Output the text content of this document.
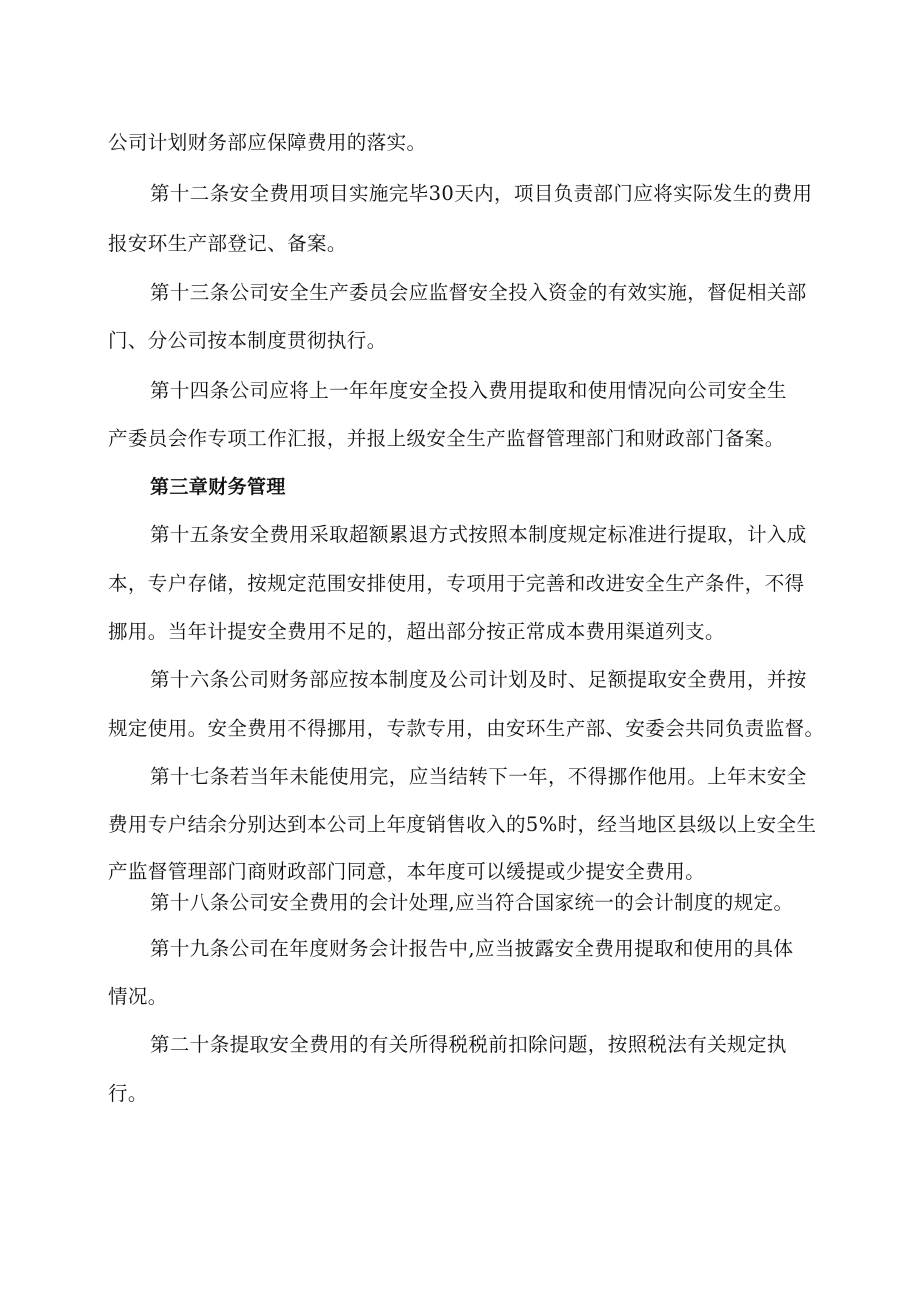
公司计划财务部应保障费用的落实。
第十二条安全费用项目实施完毕30天内，项目负责部门应将实际发生的费用
报安环生产部登记、备案。
第十三条公司安全生产委员会应监督安全投入资金的有效实施，督促相关部
门、分公司按本制度贯彻执行。
第十四条公司应将上一年年度安全投入费用提取和使用情况向公司安全生
产委员会作专项工作汇报，并报上级安全生产监督管理部门和财政部门备案。
第三章财务管理
第十五条安全费用采取超额累退方式按照本制度规定标准进行提取，计入成
本，专户存储，按规定范围安排使用，专项用于完善和改进安全生产条件，不得
挪用。当年计提安全费用不足的，超出部分按正常成本费用渠道列支。
第十六条公司财务部应按本制度及公司计划及时、足额提取安全费用，并按
规定使用。安全费用不得挪用，专款专用，由安环生产部、安委会共同负责监督。
第十七条若当年未能使用完，应当结转下一年，不得挪作他用。上年末安全
费用专户结余分别达到本公司上年度销售收入的5%时，经当地区县级以上安全生
产监督管理部门商财政部门同意，本年度可以缓提或少提安全费用。
第十八条公司安全费用的会计处理,应当符合国家统一的会计制度的规定。
第十九条公司在年度财务会计报告中,应当披露安全费用提取和使用的具体
情况。
第二十条提取安全费用的有关所得税税前扣除问题，按照税法有关规定执
行。
